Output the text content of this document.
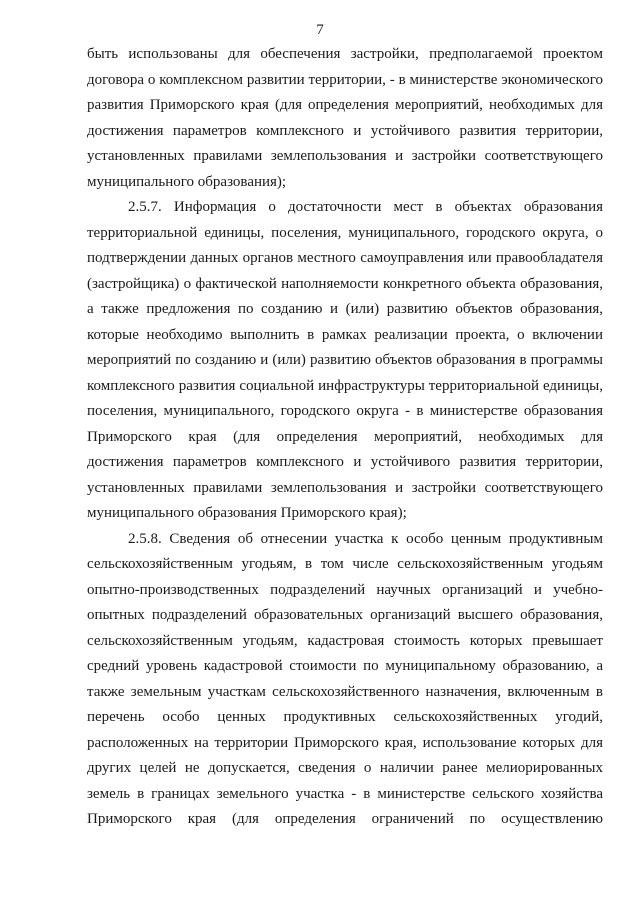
7

быть использованы для обеспечения застройки, предполагаемой проектом договора о комплексном развитии территории, - в министерстве экономического развития Приморского края (для определения мероприятий, необходимых для достижения параметров комплексного и устойчивого развития территории, установленных правилами землепользования и застройки соответствующего муниципального образования);

2.5.7. Информация о достаточности мест в объектах образования территориальной единицы, поселения, муниципального, городского округа, о подтверждении данных органов местного самоуправления или правообладателя (застройщика) о фактической наполняемости конкретного объекта образования, а также предложения по созданию и (или) развитию объектов образования, которые необходимо выполнить в рамках реализации проекта, о включении мероприятий по созданию и (или) развитию объектов образования в программы комплексного развития социальной инфраструктуры территориальной единицы, поселения, муниципального, городского округа - в министерстве образования Приморского края (для определения мероприятий, необходимых для достижения параметров комплексного и устойчивого развития территории, установленных правилами землепользования и застройки соответствующего муниципального образования Приморского края);

2.5.8. Сведения об отнесении участка к особо ценным продуктивным сельскохозяйственным угодьям, в том числе сельскохозяйственным угодьям опытно-производственных подразделений научных организаций и учебно-опытных подразделений образовательных организаций высшего образования, сельскохозяйственным угодьям, кадастровая стоимость которых превышает средний уровень кадастровой стоимости по муниципальному образованию, а также земельным участкам сельскохозяйственного назначения, включенным в перечень особо ценных продуктивных сельскохозяйственных угодий, расположенных на территории Приморского края, использование которых для других целей не допускается, сведения о наличии ранее мелиорированных земель в границах земельного участка - в министерстве сельского хозяйства Приморского края (для определения ограничений по осуществлению
